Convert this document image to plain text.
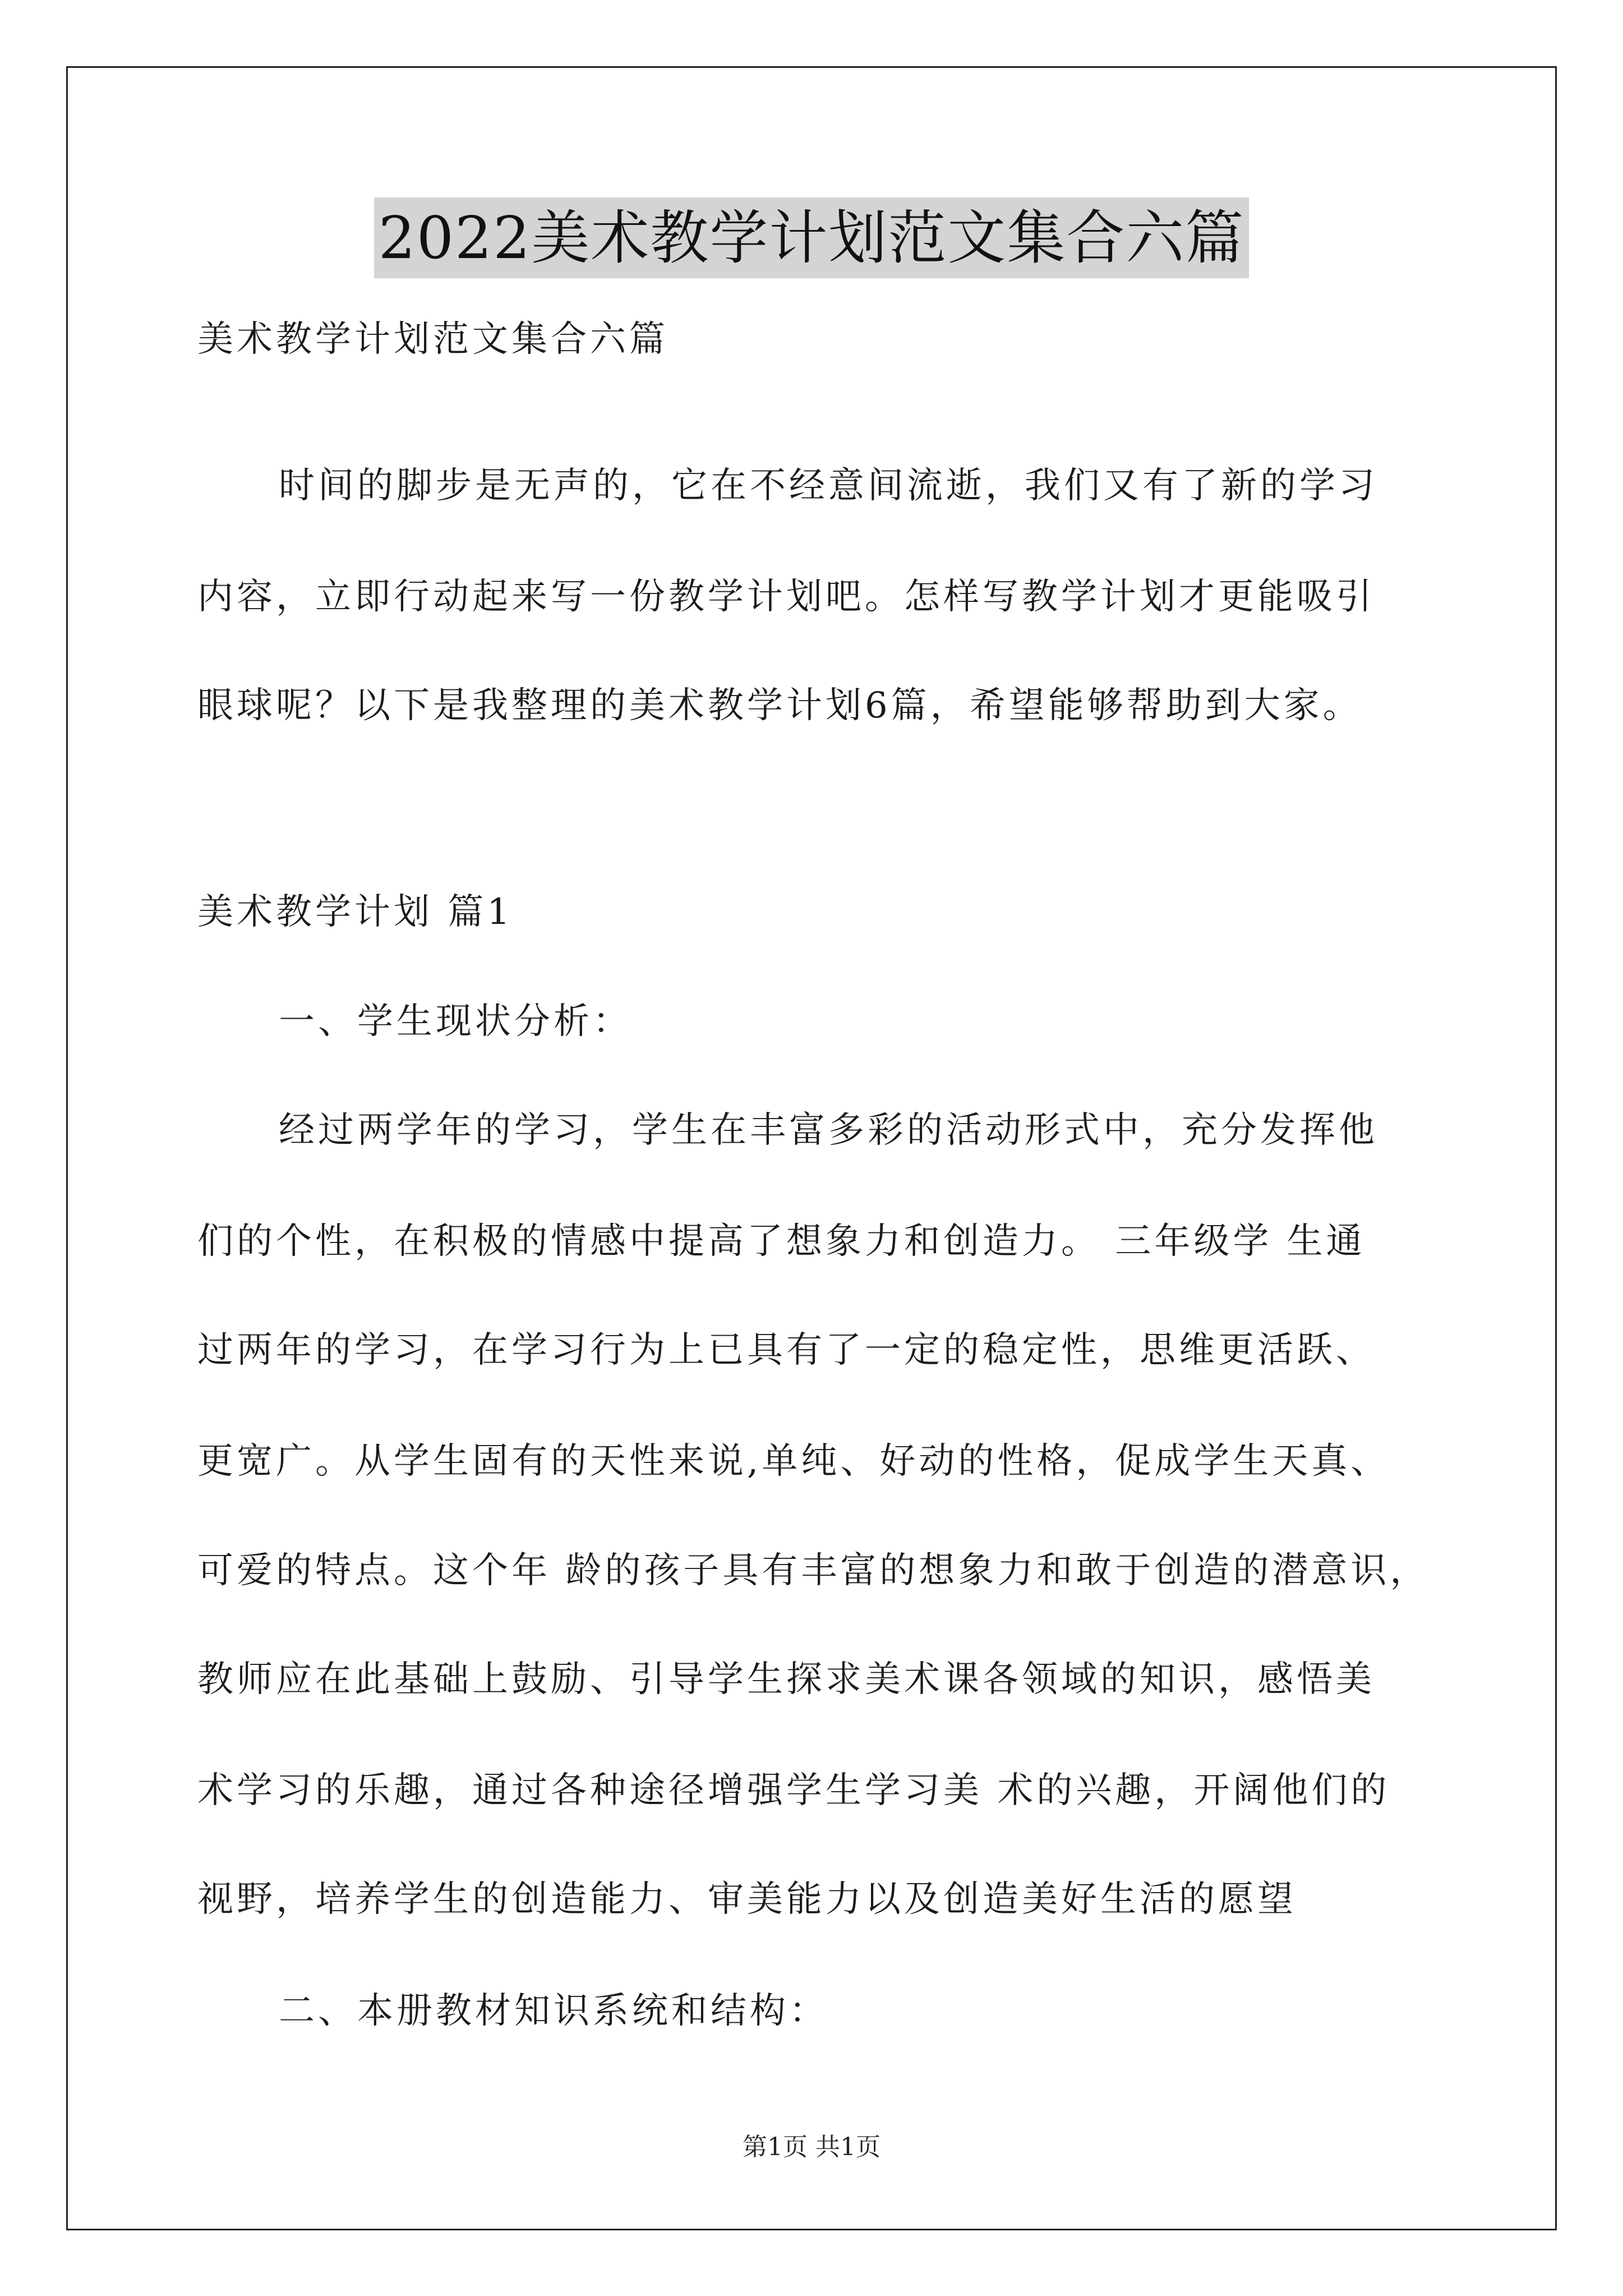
2022美术教学计划范文集合六篇
美术教学计划范文集合六篇
时间的脚步是无声的，它在不经意间流逝，我们又有了新的学习
内容，立即行动起来写一份教学计划吧。怎样写教学计划才更能吸引
眼球呢？以下是我整理的美术教学计划6篇，希望能够帮助到大家。
美术教学计划 篇1
一、学生现状分析：
经过两学年的学习，学生在丰富多彩的活动形式中，充分发挥他
们的个性，在积极的情感中提高了想象力和创造力。 三年级学 生通
过两年的学习，在学习行为上已具有了一定的稳定性，思维更活跃、
更宽广。从学生固有的天性来说,单纯、好动的性格，促成学生天真、
可爱的特点。这个年 龄的孩子具有丰富的想象力和敢于创造的潜意识，
教师应在此基础上鼓励、引导学生探求美术课各领域的知识，感悟美
术学习的乐趣，通过各种途径增强学生学习美 术的兴趣，开阔他们的
视野，培养学生的创造能力、审美能力以及创造美好生活的愿望
二、本册教材知识系统和结构：
第1页 共1页
